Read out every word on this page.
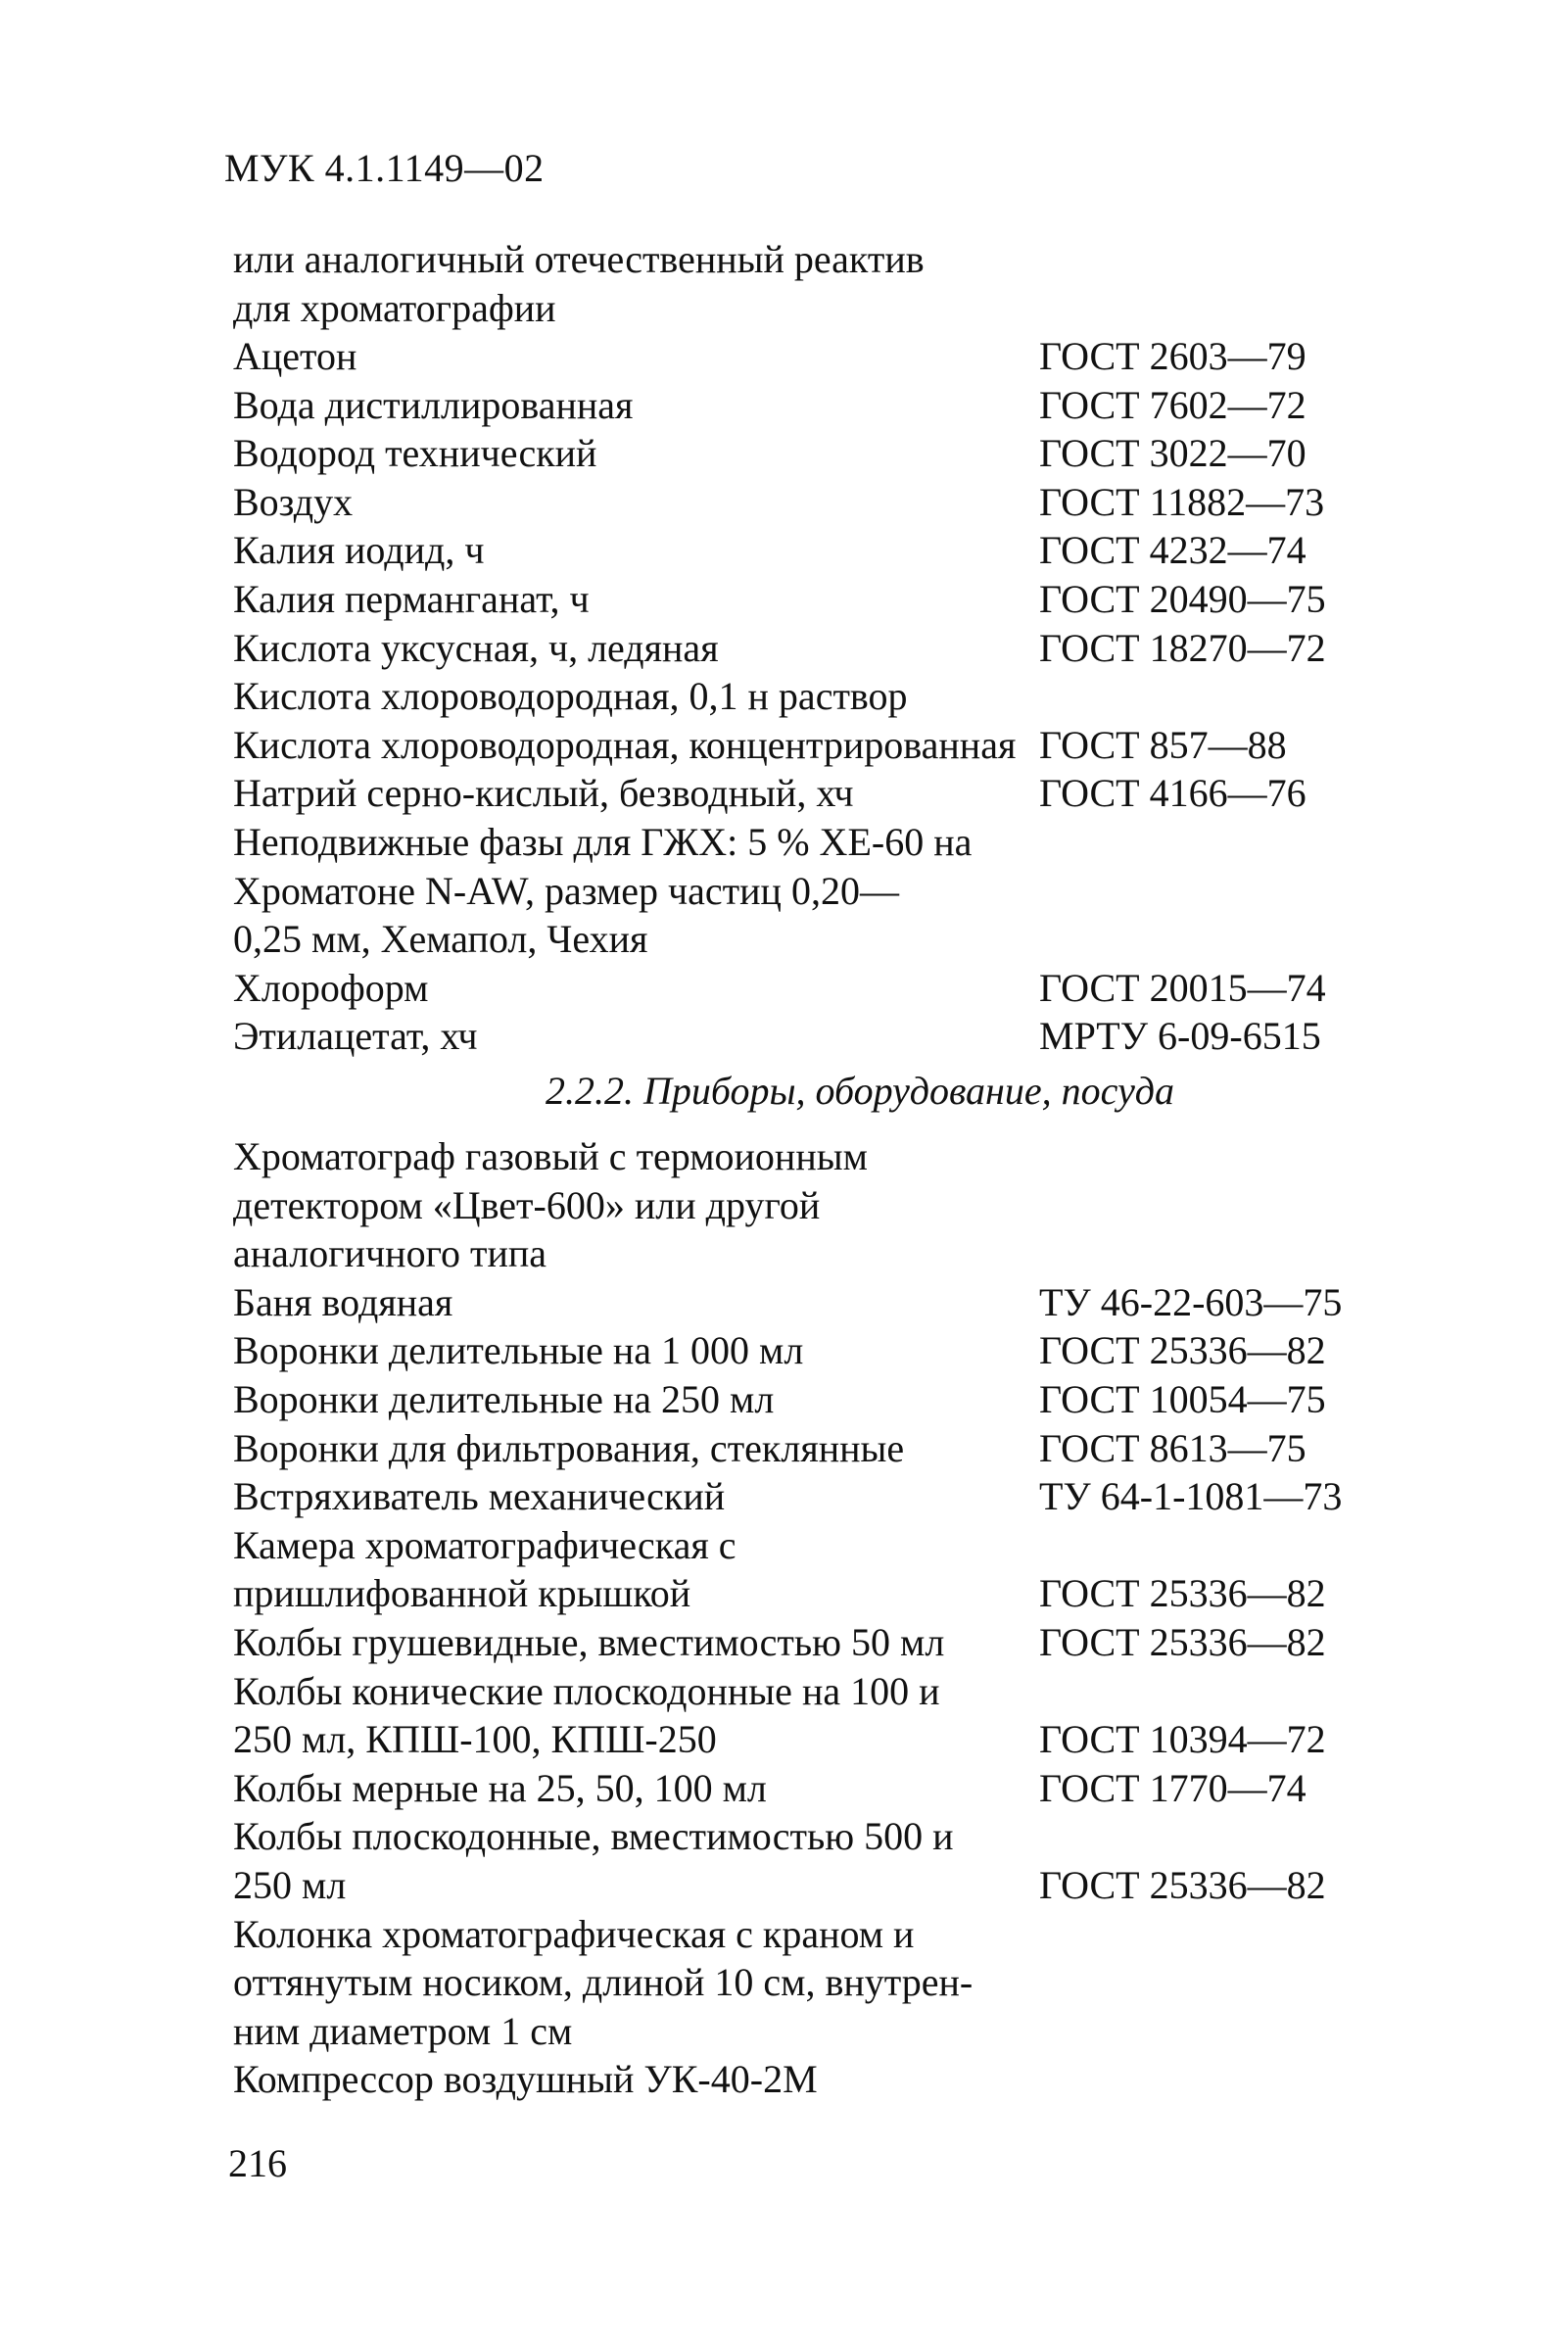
МУК 4.1.1149—02
или аналогичный отечественный реактив
для хроматографии
Ацетон	ГОСТ 2603—79
Вода дистиллированная	ГОСТ 7602—72
Водород технический	ГОСТ 3022—70
Воздух	ГОСТ 11882—73
Калия иодид, ч	ГОСТ 4232—74
Калия перманганат, ч	ГОСТ 20490—75
Кислота уксусная, ч, ледяная	ГОСТ 18270—72
Кислота хлороводородная, 0,1 н раствор
Кислота хлороводородная, концентрированная ГОСТ 857—88
Натрий серно-кислый, безводный, хч	ГОСТ 4166—76
Неподвижные фазы для ГЖХ: 5 % ХЕ-60 на
Хроматоне N-AW, размер частиц 0,20—
0,25 мм, Хемапол, Чехия
Хлороформ	ГОСТ 20015—74
Этилацетат, хч	МРТУ 6-09-6515
2.2.2. Приборы, оборудование, посуда
Хроматограф газовый с термоионным
детектором «Цвет-600» или другой
аналогичного типа
Баня водяная	ТУ 46-22-603—75
Воронки делительные на 1 000 мл	ГОСТ 25336—82
Воронки делительные на 250 мл	ГОСТ 10054—75
Воронки для фильтрования, стеклянные	ГОСТ 8613—75
Встряхиватель механический	ТУ 64-1-1081—73
Камера хроматографическая с
пришлифованной крышкой	ГОСТ 25336—82
Колбы грушевидные, вместимостью 50 мл	ГОСТ 25336—82
Колбы конические плоскодонные на 100 и
250 мл, КПШ-100, КПШ-250	ГОСТ 10394—72
Колбы мерные на 25, 50, 100 мл	ГОСТ 1770—74
Колбы плоскодонные, вместимостью 500 и
250 мл	ГОСТ 25336—82
Колонка хроматографическая с краном и
оттянутым носиком, длиной 10 см, внутрен-
ним диаметром 1 см
Компрессор воздушный УК-40-2М
216
